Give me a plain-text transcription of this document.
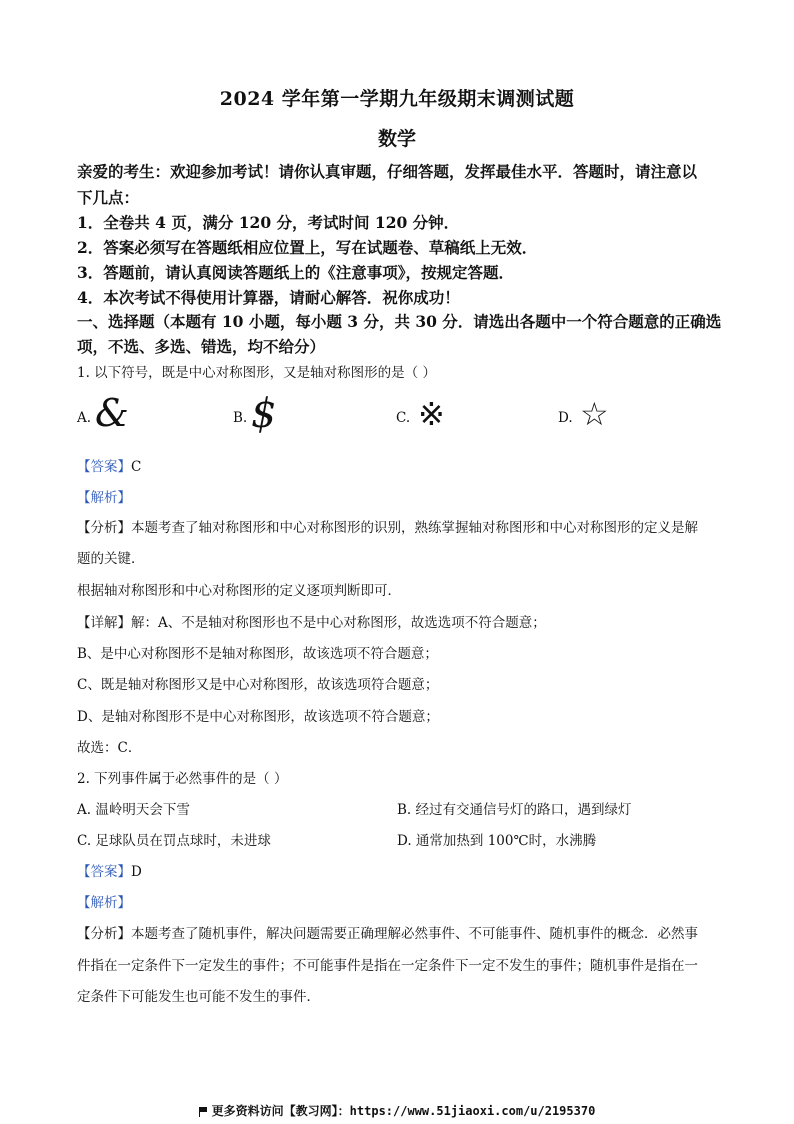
2024 学年第一学期九年级期末调测试题
数学
亲爱的考生：欢迎参加考试！请你认真审题，仔细答题，发挥最佳水平．答题时，请注意以
下几点：
1．全卷共 4 页，满分 120 分，考试时间 120 分钟．
2．答案必须写在答题纸相应位置上，写在试题卷、草稿纸上无效．
3．答题前，请认真阅读答题纸上的《注意事项》，按规定答题．
4．本次考试不得使用计算器，请耐心解答．祝你成功！
一、选择题（本题有 10 小题，每小题 3 分，共 30 分．请选出各题中一个符合题意的正确选
项，不选、多选、错选，均不给分）
1. 以下符号，既是中心对称图形，又是轴对称图形的是（ ）
A. &	B. $	C. ※	D. ☆
【答案】C
【解析】
【分析】本题考查了轴对称图形和中心对称图形的识别，熟练掌握轴对称图形和中心对称图形的定义是解
题的关键．
根据轴对称图形和中心对称图形的定义逐项判断即可．
【详解】解：A、不是轴对称图形也不是中心对称图形，故选选项不符合题意；
B、是中心对称图形不是轴对称图形，故该选项不符合题意；
C、既是轴对称图形又是中心对称图形，故该选项符合题意；
D、是轴对称图形不是中心对称图形，故该选项不符合题意；
故选：C．
2. 下列事件属于必然事件的是（ ）
A. 温岭明天会下雪	B. 经过有交通信号灯的路口，遇到绿灯
C. 足球队员在罚点球时，未进球	D. 通常加热到 100℃时，水沸腾
【答案】D
【解析】
【分析】本题考查了随机事件，解决问题需要正确理解必然事件、不可能事件、随机事件的概念．必然事
件指在一定条件下一定发生的事件；不可能事件是指在一定条件下一定不发生的事件；随机事件是指在一
定条件下可能发生也可能不发生的事件．
更多资料访问【教习网】：https://www.51jiaoxi.com/u/2195370
